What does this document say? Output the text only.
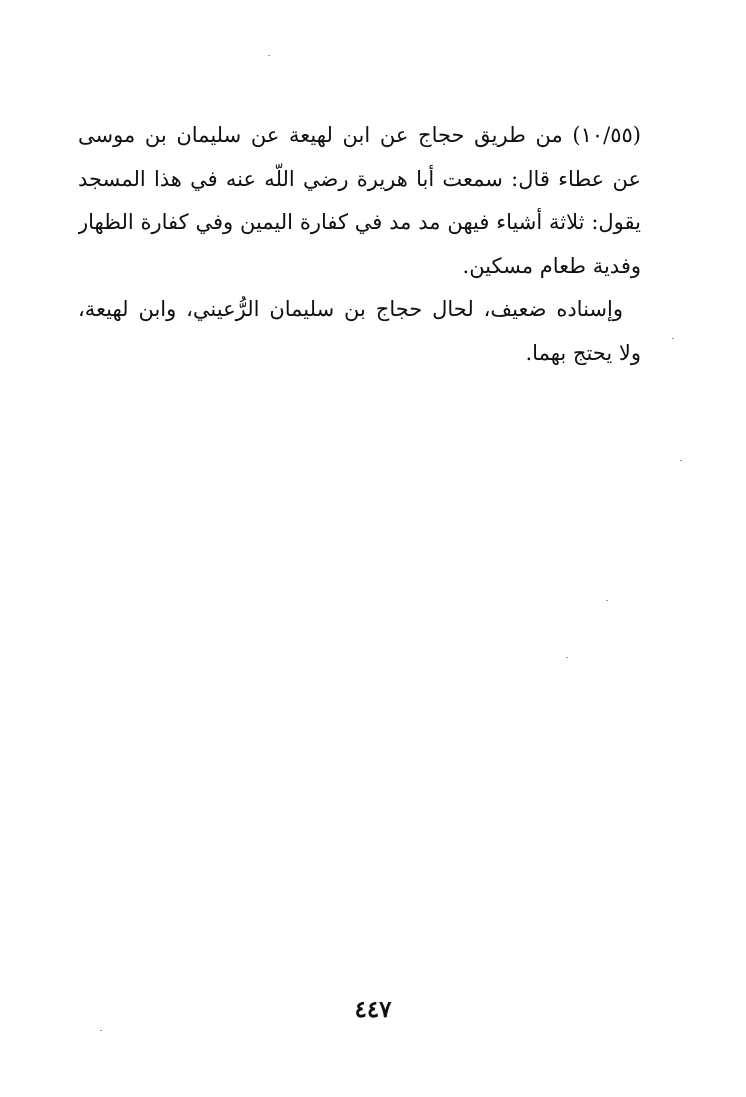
(١٠/٥٥) من طريق حجاج عن ابن لهيعة عن سليمان بن موسى
عن عطاء قال: سمعت أبا هريرة رضي اللّه عنه في هذا المسجد
يقول: ثلاثة أشياء فيهن مد مد في كفارة اليمين وفي كفارة الظهار
وفدية طعام مسكين.
وإسناده ضعيف، لحال حجاج بن سليمان الرُّعيني، وابن لهيعة،
ولا يحتج بهما.
٤٤٧
